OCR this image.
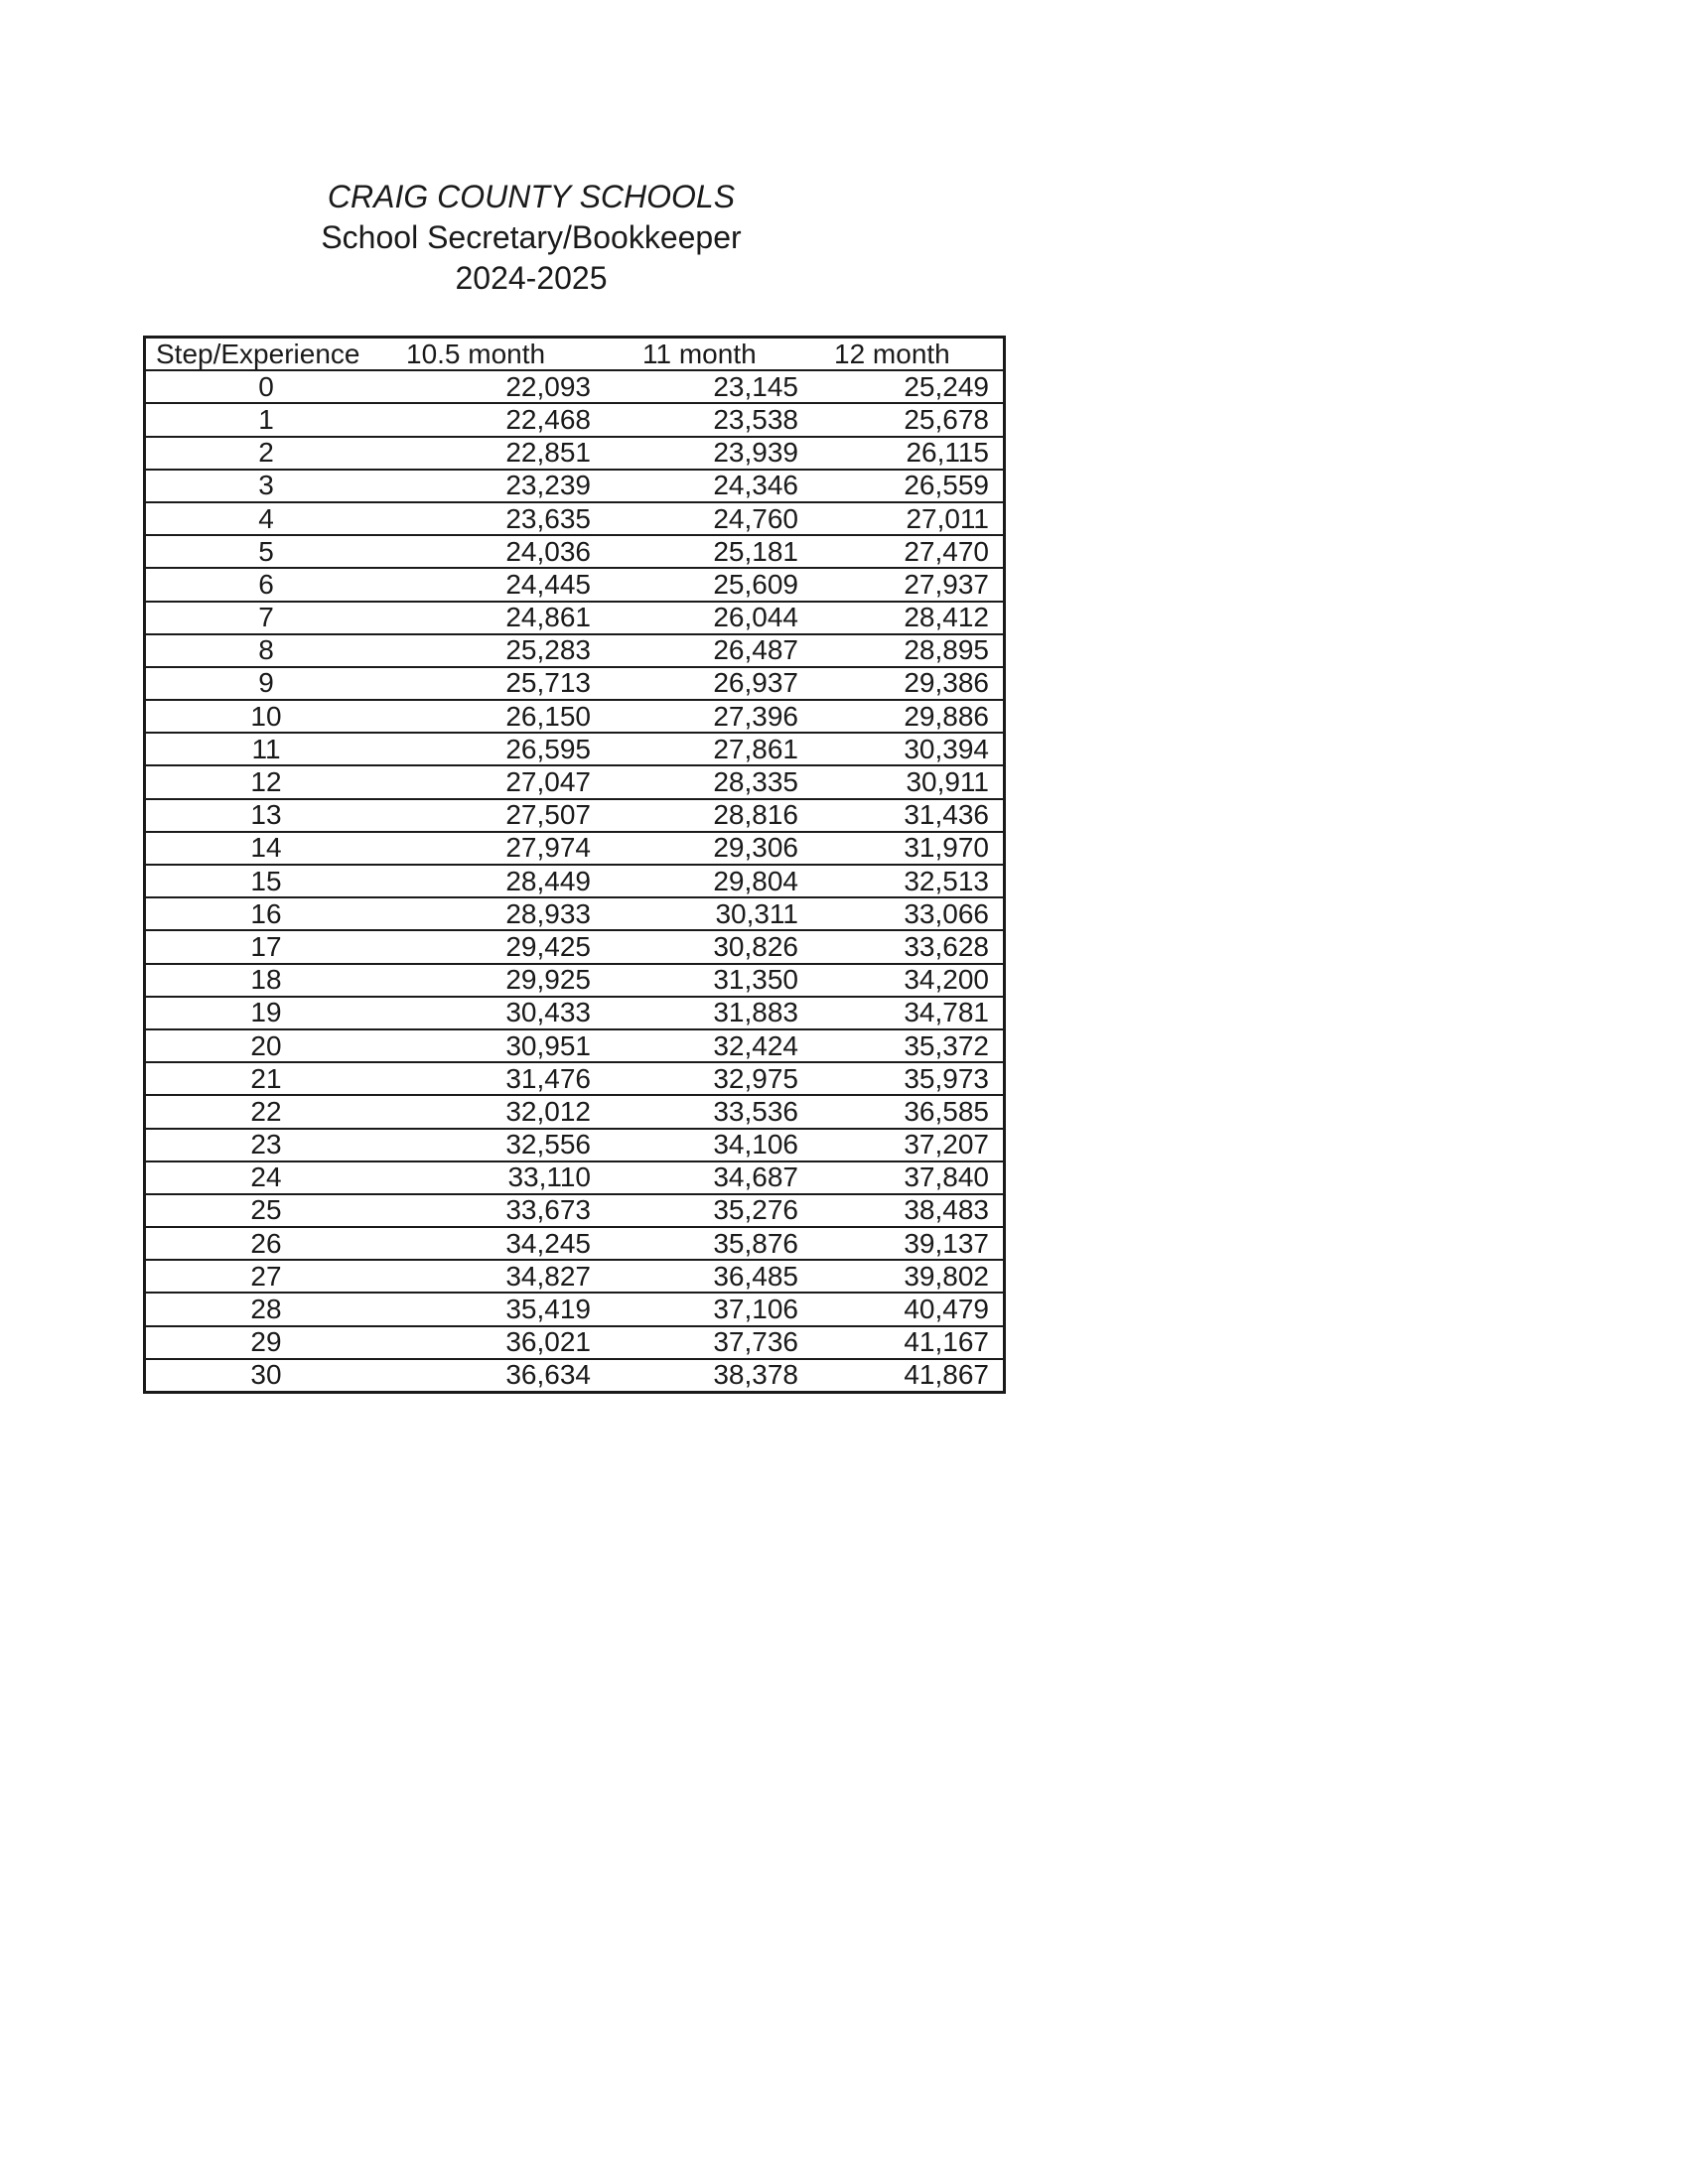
CRAIG COUNTY SCHOOLS
School Secretary/Bookkeeper
2024-2025
Step/Experience	10.5 month	11 month	12 month
0	22,093	23,145	25,249
1	22,468	23,538	25,678
2	22,851	23,939	26,115
3	23,239	24,346	26,559
4	23,635	24,760	27,011
5	24,036	25,181	27,470
6	24,445	25,609	27,937
7	24,861	26,044	28,412
8	25,283	26,487	28,895
9	25,713	26,937	29,386
10	26,150	27,396	29,886
11	26,595	27,861	30,394
12	27,047	28,335	30,911
13	27,507	28,816	31,436
14	27,974	29,306	31,970
15	28,449	29,804	32,513
16	28,933	30,311	33,066
17	29,425	30,826	33,628
18	29,925	31,350	34,200
19	30,433	31,883	34,781
20	30,951	32,424	35,372
21	31,476	32,975	35,973
22	32,012	33,536	36,585
23	32,556	34,106	37,207
24	33,110	34,687	37,840
25	33,673	35,276	38,483
26	34,245	35,876	39,137
27	34,827	36,485	39,802
28	35,419	37,106	40,479
29	36,021	37,736	41,167
30	36,634	38,378	41,867
